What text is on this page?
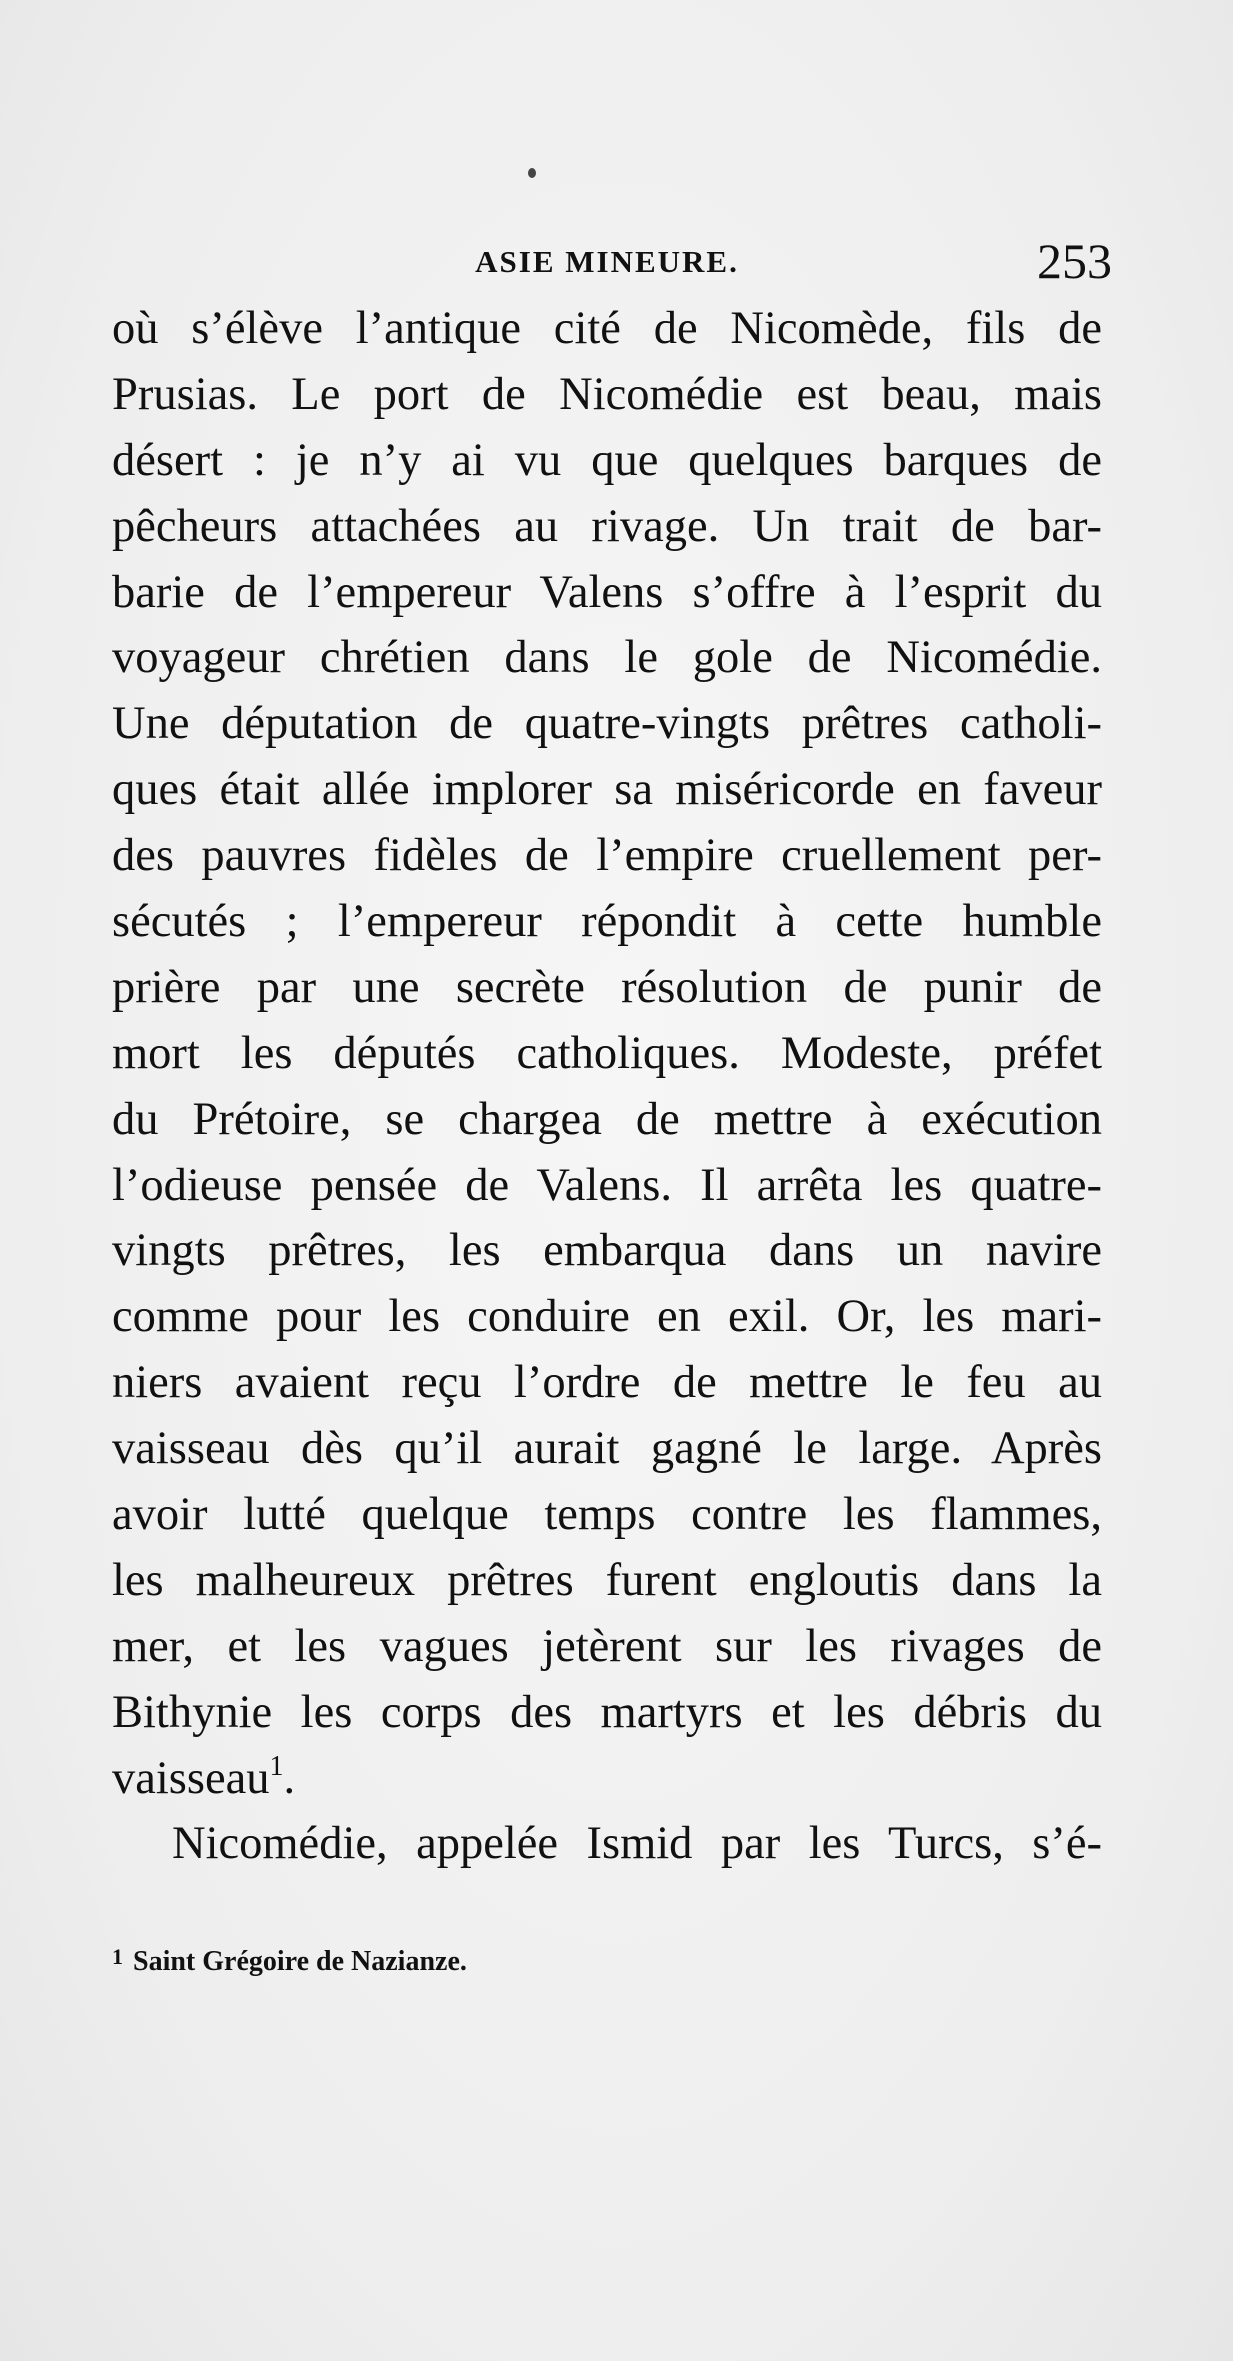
ASIE MINEURE.	253
où s’élève l’antique cité de Nicomède, fils de
Prusias. Le port de Nicomédie est beau, mais
désert : je n’y ai vu que quelques barques de
pêcheurs attachées au rivage. Un trait de bar-
barie de l’empereur Valens s’offre à l’esprit du
voyageur chrétien dans le gole de Nicomédie.
Une députation de quatre-vingts prêtres catholi-
ques était allée implorer sa miséricorde en faveur
des pauvres fidèles de l’empire cruellement per-
sécutés ; l’empereur répondit à cette humble
prière par une secrète résolution de punir de
mort les députés catholiques. Modeste, préfet
du Prétoire, se chargea de mettre à exécution
l’odieuse pensée de Valens. Il arrêta les quatre-
vingts prêtres, les embarqua dans un navire
comme pour les conduire en exil. Or, les mari-
niers avaient reçu l’ordre de mettre le feu au
vaisseau dès qu’il aurait gagné le large. Après
avoir lutté quelque temps contre les flammes,
les malheureux prêtres furent engloutis dans la
mer, et les vagues jetèrent sur les rivages de
Bithynie les corps des martyrs et les débris du
vaisseau$^1$.
Nicomédie, appelée Ismid par les Turcs, s’é-
$^1$ Saint Grégoire de Nazianze.
